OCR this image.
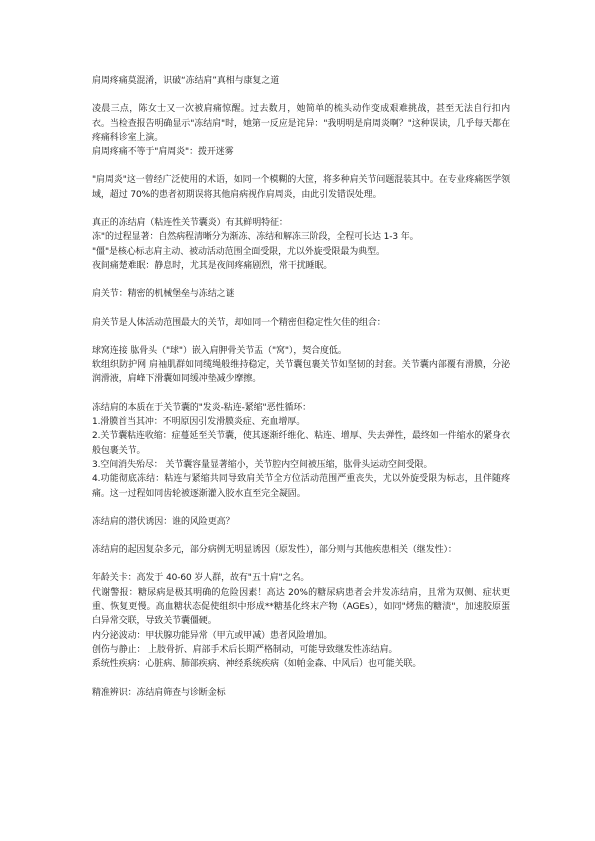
肩周疼痛莫混淆，识破“冻结肩”真相与康复之道

凌晨三点，陈女士又一次被肩痛惊醒。过去数月，她简单的梳头动作变成艰难挑战，甚至无法自行扣内衣。当检查报告明确显示"冻结肩"时，她第一反应是诧异："我明明是肩周炎啊？"这种误读，几乎每天都在疼痛科诊室上演。

肩周疼痛不等于"肩周炎"：拨开迷雾

"肩周炎"这一曾经广泛使用的术语，如同一个模糊的大筐，将多种肩关节问题混装其中。在专业疼痛医学领域，超过 70%的患者初期误将其他肩病视作肩周炎，由此引发错误处理。

真正的冻结肩（粘连性关节囊炎）有其鲜明特征：

冻"的过程显著：自然病程清晰分为渐冻、冻结和解冻三阶段，全程可长达 1-3 年。

"僵"是核心标志肩主动、被动活动范围全面受限，尤以外旋受限最为典型。

夜间痛楚难眠：静息时，尤其是夜间疼痛剧烈，常干扰睡眠。

肩关节：精密的机械堡垒与冻结之谜

肩关节是人体活动范围最大的关节，却如同一个精密但稳定性欠佳的组合：

球窝连接 肱骨头（"球"）嵌入肩胛骨关节盂（"窝"），契合度低。

软组织防护网 肩袖肌群如同缆绳般维持稳定，关节囊包裹关节如坚韧的封套。关节囊内部覆有滑膜，分泌润滑液，肩峰下滑囊如同缓冲垫减少摩擦。

冻结肩的本质在于关节囊的"发炎-粘连-紧缩"恶性循环：

1.滑膜首当其冲：不明原因引发滑膜炎症、充血增厚。

2.关节囊粘连收缩：症蔓延至关节囊，使其逐渐纤维化、粘连、增厚、失去弹性，最终如一件缩水的紧身衣般包裹关节。

3.空间消失殆尽： 关节囊容量显著缩小，关节腔内空间被压缩，肱骨头运动空间受限。

4.功能彻底冻结：粘连与紧缩共同导致肩关节全方位活动范围严重丧失，尤以外旋受限为标志，且伴随疼痛。这一过程如同齿轮被逐渐灌入胶水直至完全凝固。

冻结肩的潜伏诱因：谁的风险更高？

冻结肩的起因复杂多元，部分病例无明显诱因（原发性），部分则与其他疾患相关（继发性）：

年龄关卡：高发于 40-60 岁人群，故有"五十肩"之名。

代谢警报：糖尿病是极其明确的危险因素！高达 20%的糖尿病患者会并发冻结肩，且常为双侧、症状更重、恢复更慢。高血糖状态促使组织中形成**糖基化终末产物（AGEs），如同"烤焦的糖渍"，加速胶原蛋白异常交联，导致关节囊僵硬。

内分泌波动：甲状腺功能异常（甲亢或甲减）患者风险增加。

创伤与静止： 上肢骨折、肩部手术后长期严格制动，可能导致继发性冻结肩。

系统性疾病：心脏病、肺部疾病、神经系统疾病（如帕金森、中风后）也可能关联。

精准辨识：冻结肩筛查与诊断金标
